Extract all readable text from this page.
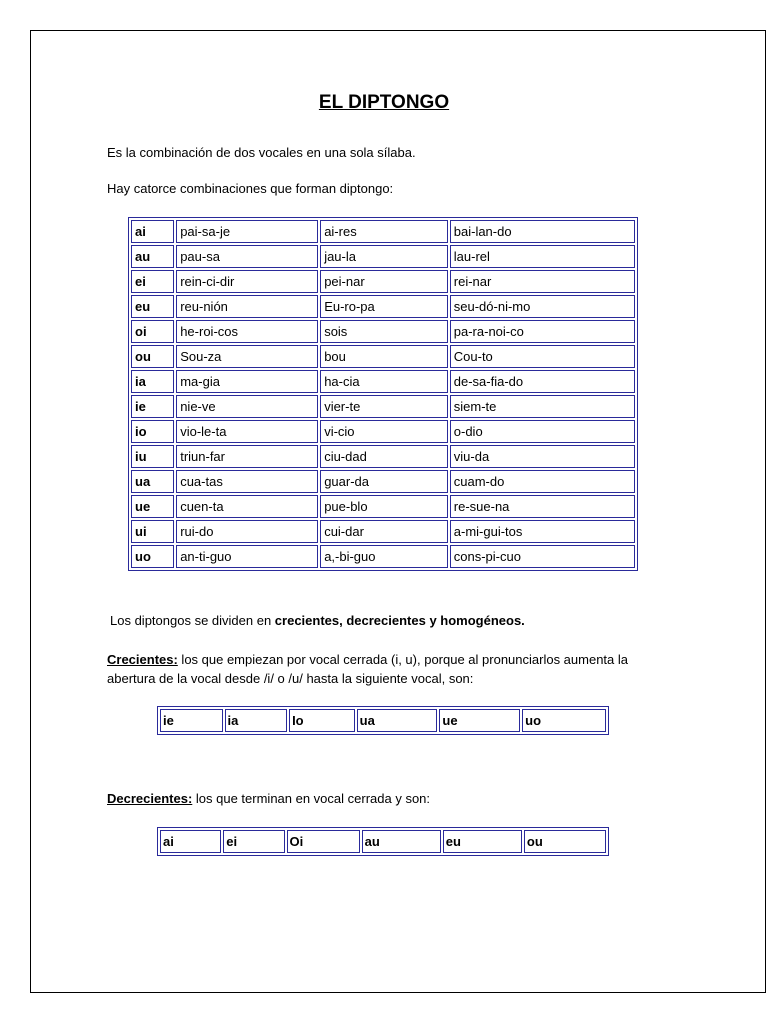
EL DIPTONGO
Es la combinación de dos vocales en una sola sílaba.
Hay catorce combinaciones que forman diptongo:
ai	pai-sa-je	ai-res	bai-lan-do
au	pau-sa	jau-la	lau-rel
ei	rein-ci-dir	pei-nar	rei-nar
eu	reu-nión	Eu-ro-pa	seu-dó-ni-mo
oi	he-roi-cos	sois	pa-ra-noi-co
ou	Sou-za	bou	Cou-to
ia	ma-gia	ha-cia	de-sa-fia-do
ie	nie-ve	vier-te	siem-te
io	vio-le-ta	vi-cio	o-dio
iu	triun-far	ciu-dad	viu-da
ua	cua-tas	guar-da	cuam-do
ue	cuen-ta	pue-blo	re-sue-na
ui	rui-do	cui-dar	a-mi-gui-tos
uo	an-ti-guo	a,-bi-guo	cons-pi-cuo
Los diptongos se dividen en crecientes, decrecientes y homogéneos.
Crecientes: los que empiezan por vocal cerrada (i, u), porque al pronunciarlos aumenta la
abertura de la vocal desde /i/ o /u/ hasta la siguiente vocal, son:
ie	ia	Io	ua	ue	uo
Decrecientes: los que terminan en vocal cerrada y son:
ai	ei	Oi	au	eu	ou
